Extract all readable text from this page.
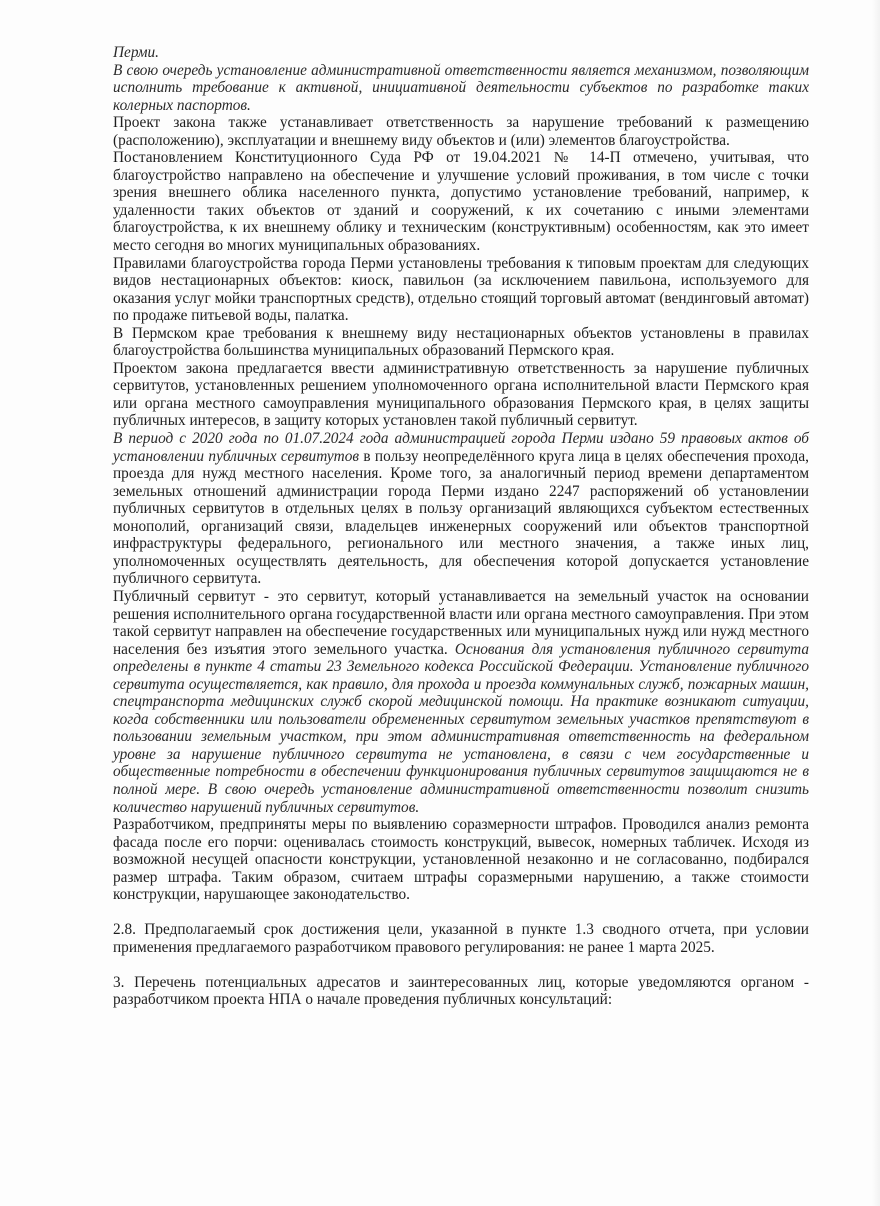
Перми.

В свою очередь установление административной ответственности является механизмом, позволяющим исполнить требование к активной, инициативной деятельности субъектов по разработке таких колерных паспортов.

Проект закона также устанавливает ответственность за нарушение требований к размещению (расположению), эксплуатации и внешнему виду объектов и (или) элементов благоустройства.

Постановлением Конституционного Суда РФ от 19.04.2021 № 14-П отмечено, учитывая, что благоустройство направлено на обеспечение и улучшение условий проживания, в том числе с точки зрения внешнего облика населенного пункта, допустимо установление требований, например, к удаленности таких объектов от зданий и сооружений, к их сочетанию с иными элементами благоустройства, к их внешнему облику и техническим (конструктивным) особенностям, как это имеет место сегодня во многих муниципальных образованиях.

Правилами благоустройства города Перми установлены требования к типовым проектам для следующих видов нестационарных объектов: киоск, павильон (за исключением павильона, используемого для оказания услуг мойки транспортных средств), отдельно стоящий торговый автомат (вендинговый автомат) по продаже питьевой воды, палатка.

В Пермском крае требования к внешнему виду нестационарных объектов установлены в правилах благоустройства большинства муниципальных образований Пермского края.

Проектом закона предлагается ввести административную ответственность за нарушение публичных сервитутов, установленных решением уполномоченного органа исполнительной власти Пермского края или органа местного самоуправления муниципального образования Пермского края, в целях защиты публичных интересов, в защиту которых установлен такой публичный сервитут.

В период с 2020 года по 01.07.2024 года администрацией города Перми издано 59 правовых актов об установлении публичных сервитутов в пользу неопределённого круга лица в целях обеспечения прохода, проезда для нужд местного населения. Кроме того, за аналогичный период времени департаментом земельных отношений администрации города Перми издано 2247 распоряжений об установлении публичных сервитутов в отдельных целях в пользу организаций являющихся субъектом естественных монополий, организаций связи, владельцев инженерных сооружений или объектов транспортной инфраструктуры федерального, регионального или местного значения, а также иных лиц, уполномоченных осуществлять деятельность, для обеспечения которой допускается установление публичного сервитута.

Публичный сервитут - это сервитут, который устанавливается на земельный участок на основании решения исполнительного органа государственной власти или органа местного самоуправления. При этом такой сервитут направлен на обеспечение государственных или муниципальных нужд или нужд местного населения без изъятия этого земельного участка. Основания для установления публичного сервитута определены в пункте 4 статьи 23 Земельного кодекса Российской Федерации. Установление публичного сервитута осуществляется, как правило, для прохода и проезда коммунальных служб, пожарных машин, спецтранспорта медицинских служб скорой медицинской помощи. На практике возникают ситуации, когда собственники или пользователи обремененных сервитутом земельных участков препятствуют в пользовании земельным участком, при этом административная ответственность на федеральном уровне за нарушение публичного сервитута не установлена, в связи с чем государственные и общественные потребности в обеспечении функционирования публичных сервитутов защищаются не в полной мере. В свою очередь установление административной ответственности позволит снизить количество нарушений публичных сервитутов.

Разработчиком, предприняты меры по выявлению соразмерности штрафов. Проводился анализ ремонта фасада после его порчи: оценивалась стоимость конструкций, вывесок, номерных табличек. Исходя из возможной несущей опасности конструкции, установленной незаконно и не согласованно, подбирался размер штрафа. Таким образом, считаем штрафы соразмерными нарушению, а также стоимости конструкции, нарушающее законодательство.

2.8. Предполагаемый срок достижения цели, указанной в пункте 1.3 сводного отчета, при условии применения предлагаемого разработчиком правового регулирования: не ранее 1 марта 2025.

3. Перечень потенциальных адресатов и заинтересованных лиц, которые уведомляются органом - разработчиком проекта НПА о начале проведения публичных консультаций:
